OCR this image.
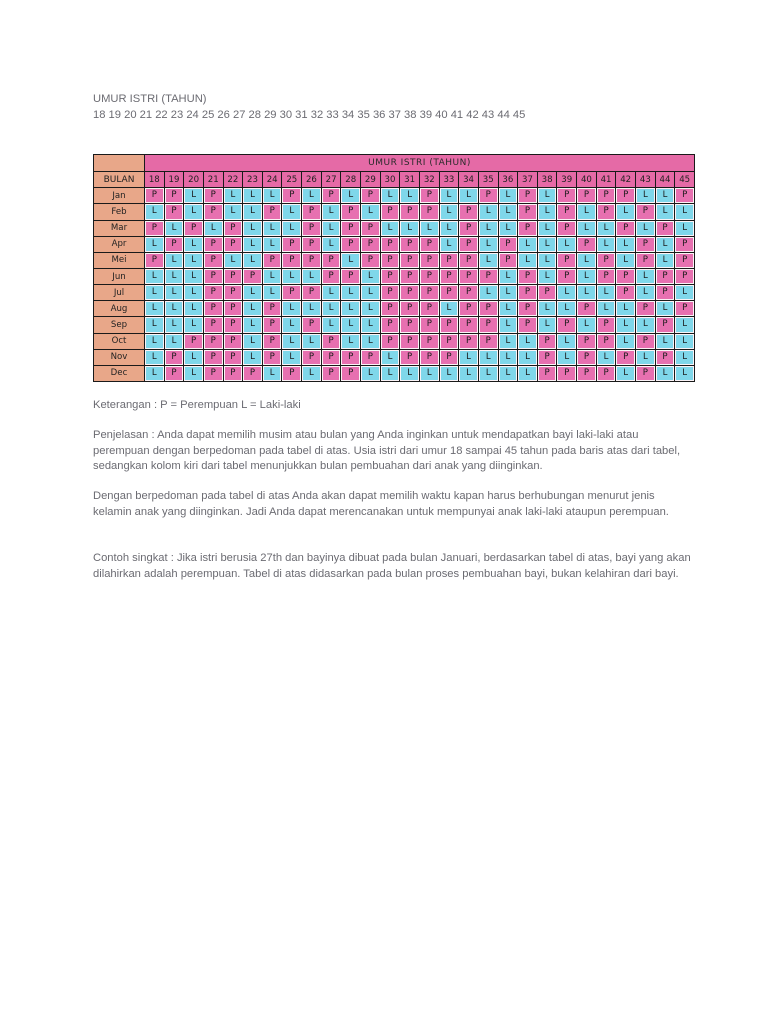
UMUR ISTRI (TAHUN)
18 19 20 21 22 23 24 25 26 27 28 29 30 31 32 33 34 35 36 37 38 39 40 41 42 43 44 45
	UMUR ISTRI (TAHUN)																											
BULAN	18	19	20	21	22	23	24	25	26	27	28	29	30	31	32	33	34	35	36	37	38	39	40	41	42	43	44	45
Jan	P	P	L	P	L	L	L	P	L	P	L	P	L	L	P	L	L	P	L	P	L	P	P	P	P	L	L	P

Feb	L	P	L	P	L	L	P	L	P	L	P	L	P	P	P	L	P	L	L	P	L	P	L	P	L	P	L	L

Mar	P	L	P	L	P	L	L	L	P	L	P	P	L	L	L	L	P	L	L	P	L	P	L	L	P	L	P	L

Apr	L	P	L	P	P	L	L	P	P	L	P	P	P	P	P	L	P	L	P	L	L	L	P	L	L	P	L	P

Mei	P	L	L	P	L	L	P	P	P	P	L	P	P	P	P	P	P	L	P	L	L	P	L	P	L	P	L	P

Jun	L	L	L	P	P	P	L	L	L	P	P	L	P	P	P	P	P	P	L	P	L	P	L	P	P	L	P	P

Jul	L	L	L	P	P	L	L	P	P	L	L	L	P	P	P	P	P	L	L	P	P	L	L	L	P	L	P	L

Aug	L	L	L	P	P	L	P	L	L	L	L	L	P	P	P	L	P	P	L	P	L	L	P	L	L	P	L	P

Sep	L	L	L	P	P	L	P	L	P	L	L	L	P	P	P	P	P	P	L	P	L	P	L	P	L	L	P	L

Oct	L	L	P	P	P	L	P	L	L	P	L	L	P	P	P	P	P	P	L	L	P	L	P	P	L	P	L	L

Nov	L	P	L	P	P	L	P	L	P	P	P	P	L	P	P	P	L	L	L	L	P	L	P	L	P	L	P	L

Dec	L	P	L	P	P	P	L	P	L	P	P	L	L	L	L	L	L	L	L	L	P	P	P	P	L	P	L	L
Keterangan : P = Perempuan L = Laki-laki

Penjelasan : Anda dapat memilih musim atau bulan yang Anda inginkan untuk mendapatkan bayi laki-laki atau perempuan dengan berpedoman pada tabel di atas. Usia istri dari umur 18 sampai 45 tahun pada baris atas dari tabel, sedangkan kolom kiri dari tabel menunjukkan bulan pembuahan dari anak yang diinginkan.

Dengan berpedoman pada tabel di atas Anda akan dapat memilih waktu kapan harus berhubungan menurut jenis kelamin anak yang diinginkan. Jadi Anda dapat merencanakan untuk mempunyai anak laki-laki ataupun perempuan.

Contoh singkat : Jika istri berusia 27th dan bayinya dibuat pada bulan Januari, berdasarkan tabel di atas, bayi yang akan dilahirkan adalah perempuan. Tabel di atas didasarkan pada bulan proses pembuahan bayi, bukan kelahiran dari bayi.
